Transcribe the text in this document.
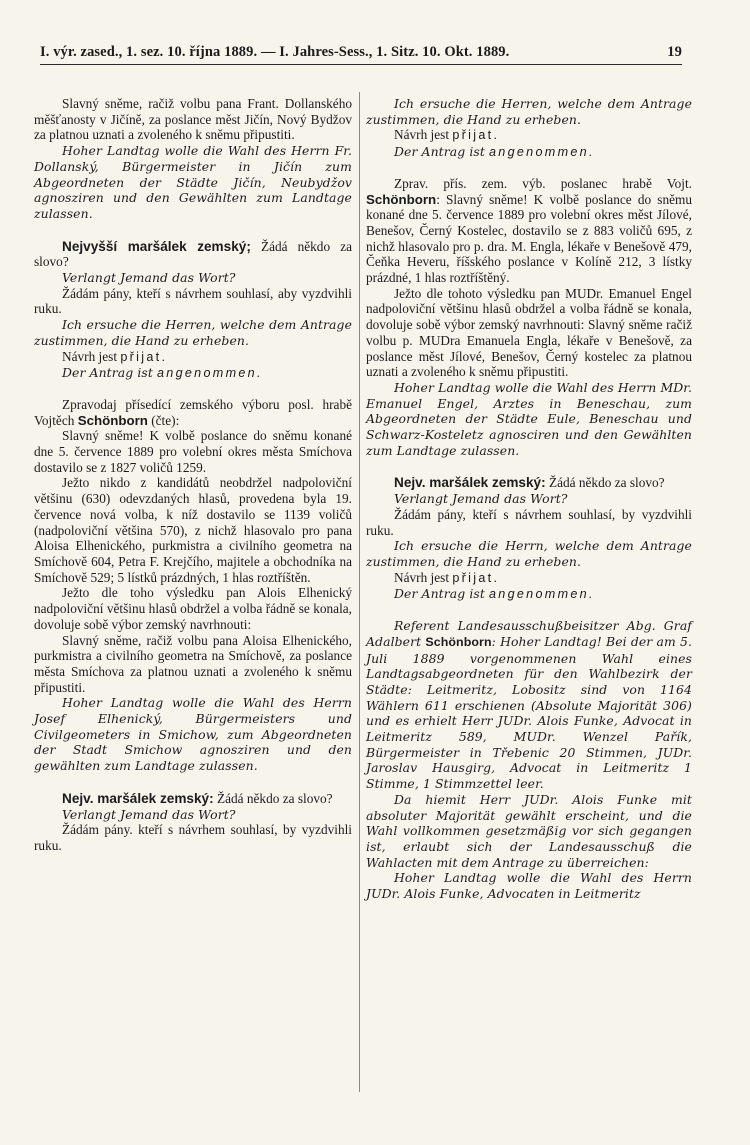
I. výr. zased., 1. sez. 10. října 1889. — I. Jahres-Sess., 1. Sitz. 10. Okt. 1889.	19

Slavný sněme, račiž volbu pana Frant. Dollanského měšťanosty v Jičíně, za poslance měst Jičín, Nový Bydžov za platnou uznati a zvoleného k sněmu připustiti.

Hoher Landtag wolle die Wahl des Herrn Fr. Dollanský, Bürgermeister in Jičín zum Abgeordneten der Städte Jičín, Neubydžov agnosziren und den Gewählten zum Landtage zulassen.

Nejvyšší maršálek zemský; Žádá někdo za slovo?

Verlangt Jemand das Wort?

Žádám pány, kteří s návrhem souhlasí, aby vyzdvihli ruku.

Ich ersuche die Herren, welche dem Antrage zustimmen, die Hand zu erheben.

Návrh jest přijat.

Der Antrag ist angenommen.

Zpravodaj přísedící zemského výboru posl. hrabě Vojtěch Schönborn (čte):

Slavný sněme! K volbě poslance do sněmu konané dne 5. července 1889 pro volební okres města Smíchova dostavilo se z 1827 voličů 1259.

Ježto nikdo z kandidátů neobdržel nadpoloviční většinu (630) odevzdaných hlasů, provedena byla 19. července nová volba, k níž dostavilo se 1139 voličů (nadpoloviční většina 570), z nichž hlasovalo pro pana Aloisa Elhenického, purkmistra a civilního geometra na Smíchově 604, Petra F. Krejčího, majitele a obchodníka na Smíchově 529; 5 lístků prázdných, 1 hlas roztříštěn.

Ježto dle toho výsledku pan Alois Elhenický nadpoloviční většinu hlasů obdržel a volba řádně se konala, dovoluje sobě výbor zemský navrhnouti:

Slavný sněme, račiž volbu pana Aloisa Elhenického, purkmistra a civilního geometra na Smíchově, za poslance města Smíchova za platnou uznati a zvoleného k sněmu připustiti.

Hoher Landtag wolle die Wahl des Herrn Josef Elhenický, Bürgermeisters und Civilgeometers in Smichow, zum Abgeordneten der Stadt Smichow agnosziren und den gewählten zum Landtage zulassen.

Nejv. maršálek zemský: Žádá někdo za slovo?

Verlangt Jemand das Wort?

Žádám pány. kteří s návrhem souhlasí, by vyzdvihli ruku.

Ich ersuche die Herren, welche dem Antrage zustimmen, die Hand zu erheben.

Návrh jest přijat.

Der Antrag ist angenommen.

Zprav. přís. zem. výb. poslanec hrabě Vojt. Schönborn: Slavný sněme! K volbě poslance do sněmu konané dne 5. července 1889 pro volební okres měst Jílové, Benešov, Černý Kostelec, dostavilo se z 883 voličů 695, z nichž hlasovalo pro p. dra. M. Engla, lékaře v Benešově 479, Čeňka Heveru, říšského poslance v Kolíně 212, 3 lístky prázdné, 1 hlas roztříštěný.

Ježto dle tohoto výsledku pan MUDr. Emanuel Engel nadpoloviční většinu hlasů obdržel a volba řádně se konala, dovoluje sobě výbor zemský navrhnouti: Slavný sněme račiž volbu p. MUDra Emanuela Engla, lékaře v Benešově, za poslance měst Jílové, Benešov, Černý kostelec za platnou uznati a zvoleného k sněmu připustiti.

Hoher Landtag wolle die Wahl des Herrn MDr. Emanuel Engel, Arztes in Beneschau, zum Abgeordneten der Städte Eule, Beneschau und Schwarz-Kosteletz agnosciren und den Gewählten zum Landtage zulassen.

Nejv. maršálek zemský: Žádá někdo za slovo?

Verlangt Jemand das Wort?

Žádám pány, kteří s návrhem souhlasí, by vyzdvihli ruku.

Ich ersuche die Herrn, welche dem Antrage zustimmen, die Hand zu erheben.

Návrh jest přijat.

Der Antrag ist angenommen.

Referent Landesausschußbeisitzer Abg. Graf Adalbert Schönborn: Hoher Landtag! Bei der am 5. Juli 1889 vorgenommenen Wahl eines Landtagsabgeordneten für den Wahlbezirk der Städte: Leitmeritz, Lobositz sind von 1164 Wählern 611 erschienen (Absolute Majorität 306) und es erhielt Herr JUDr. Alois Funke, Advocat in Leitmeritz 589, MUDr. Wenzel Pařík, Bürgermeister in Třebenic 20 Stimmen, JUDr. Jaroslav Hausgirg, Advocat in Leitmeritz 1 Stimme, 1 Stimmzettel leer.

Da hiemit Herr JUDr. Alois Funke mit absoluter Majorität gewählt erscheint, und die Wahl vollkommen gesetzmäßig vor sich gegangen ist, erlaubt sich der Landesausschuß die Wahlacten mit dem Antrage zu überreichen:

Hoher Landtag wolle die Wahl des Herrn JUDr. Alois Funke, Advocaten in Leitmeritz
